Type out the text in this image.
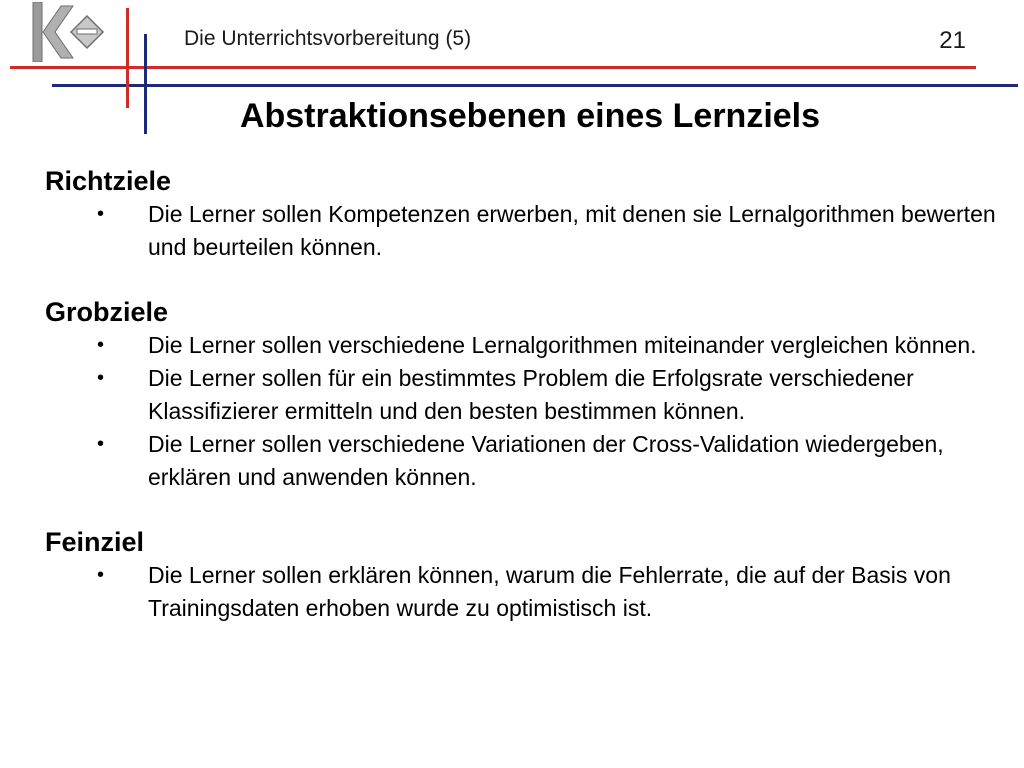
Die Unterrichtsvorbereitung (5)	21
Abstraktionsebenen eines Lernziels
Richtziele
• Die Lerner sollen Kompetenzen erwerben, mit denen sie Lernalgorithmen bewerten und beurteilen können.
Grobziele
• Die Lerner sollen verschiedene Lernalgorithmen miteinander vergleichen können.
• Die Lerner sollen für ein bestimmtes Problem die Erfolgsrate verschiedener Klassifizierer ermitteln und den besten bestimmen können.
• Die Lerner sollen verschiedene Variationen der Cross-Validation wiedergeben, erklären und anwenden können.
Feinziel
• Die Lerner sollen erklären können, warum die Fehlerrate, die auf der Basis von Trainingsdaten erhoben wurde zu optimistisch ist.
